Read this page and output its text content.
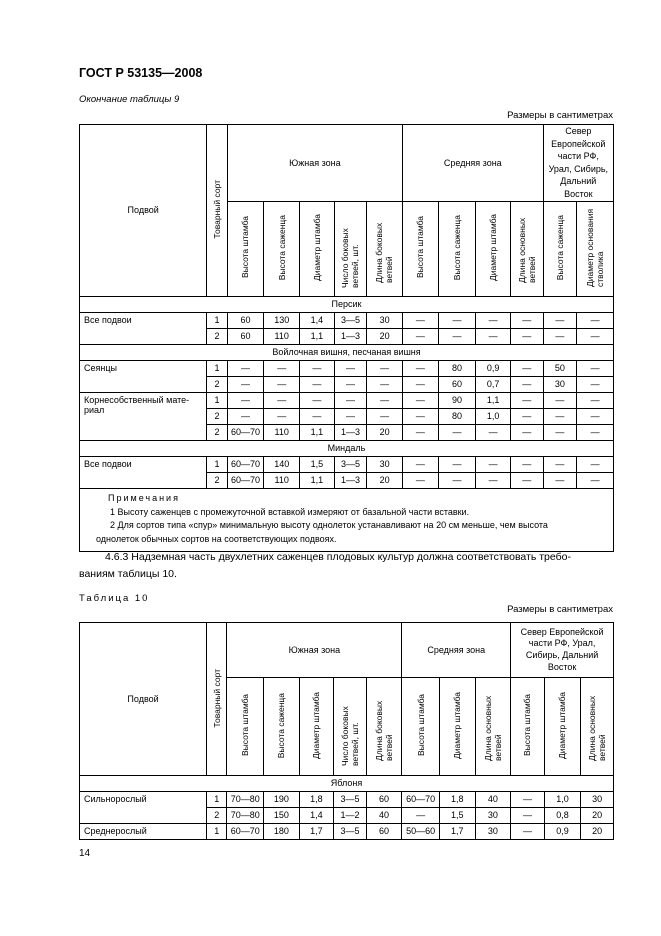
ГОСТ Р 53135—2008
Окончание таблицы 9
Размеры в сантиметрах
Подвой	Товарный сорт	Южная зона					Средняя зона				Север Европейской части РФ, Урал, Сибирь, Дальний Восток	
		Высота штамба	Высота саженца	Диаметр штамба	Число боковых ветвей, шт.	Длина боковых ветвей	Высота штамба	Высота саженца	Диаметр штамба	Длина основных ветвей	Высота саженца	Диаметр основания стволика
Персик												
Все подвои	1	60	130	1,4	3—5	30	—	—	—	—	—	—
	2	60	110	1,1	1—3	20	—	—	—	—	—	—
Войлочная вишня, песчаная вишня												
Сеянцы	1	—	—	—	—	—	—	80	0,9	—	50	—
	2	—	—	—	—	—	—	60	0,7	—	30	—
Корнесобственный мате-риал	1	—	—	—	—	—	—	90	1,1	—	—	—
	2	—	—	—	—	—	—	80	1,0	—	—	—
	2	60—70	110	1,1	1—3	20	—	—	—	—	—	—
Миндаль												
Все подвои	1	60—70	140	1,5	3—5	30	—	—	—	—	—	—
	2	60—70	110	1,1	1—3	20	—	—	—	—	—	—

Примечания
1 Высоту саженцев с промежуточной вставкой измеряют от базальной части вставки.
2 Для сортов типа «спур» минимальную высоту однолеток устанавливают на 20 см меньше, чем высота
однолеток обычных сортов на соответствующих подвоях.												
4.6.3 Надземная часть двухлетних саженцев плодовых культур должна соответствовать требо-
ваниям таблицы 10.
Таблица 10
Размеры в сантиметрах
Подвой	Товарный сорт	Южная зона					Средняя зона			Север Европейской части РФ, Урал, Сибирь, Дальний Восток		
		Высота штамба	Высота саженца	Диаметр штамба	Число боковых ветвей, шт.	Длина боковых ветвей	Высота штамба	Диаметр штамба	Длина основных ветвей	Высота штамба	Диаметр штамба	Длина основных ветвей
Яблоня												
Сильнорослый	1	70—80	190	1,8	3—5	60	60—70	1,8	40	—	1,0	30
	2	70—80	150	1,4	1—2	40	—	1,5	30	—	0,8	20
Среднерослый	1	60—70	180	1,7	3—5	60	50—60	1,7	30	—	0,9	20
14
